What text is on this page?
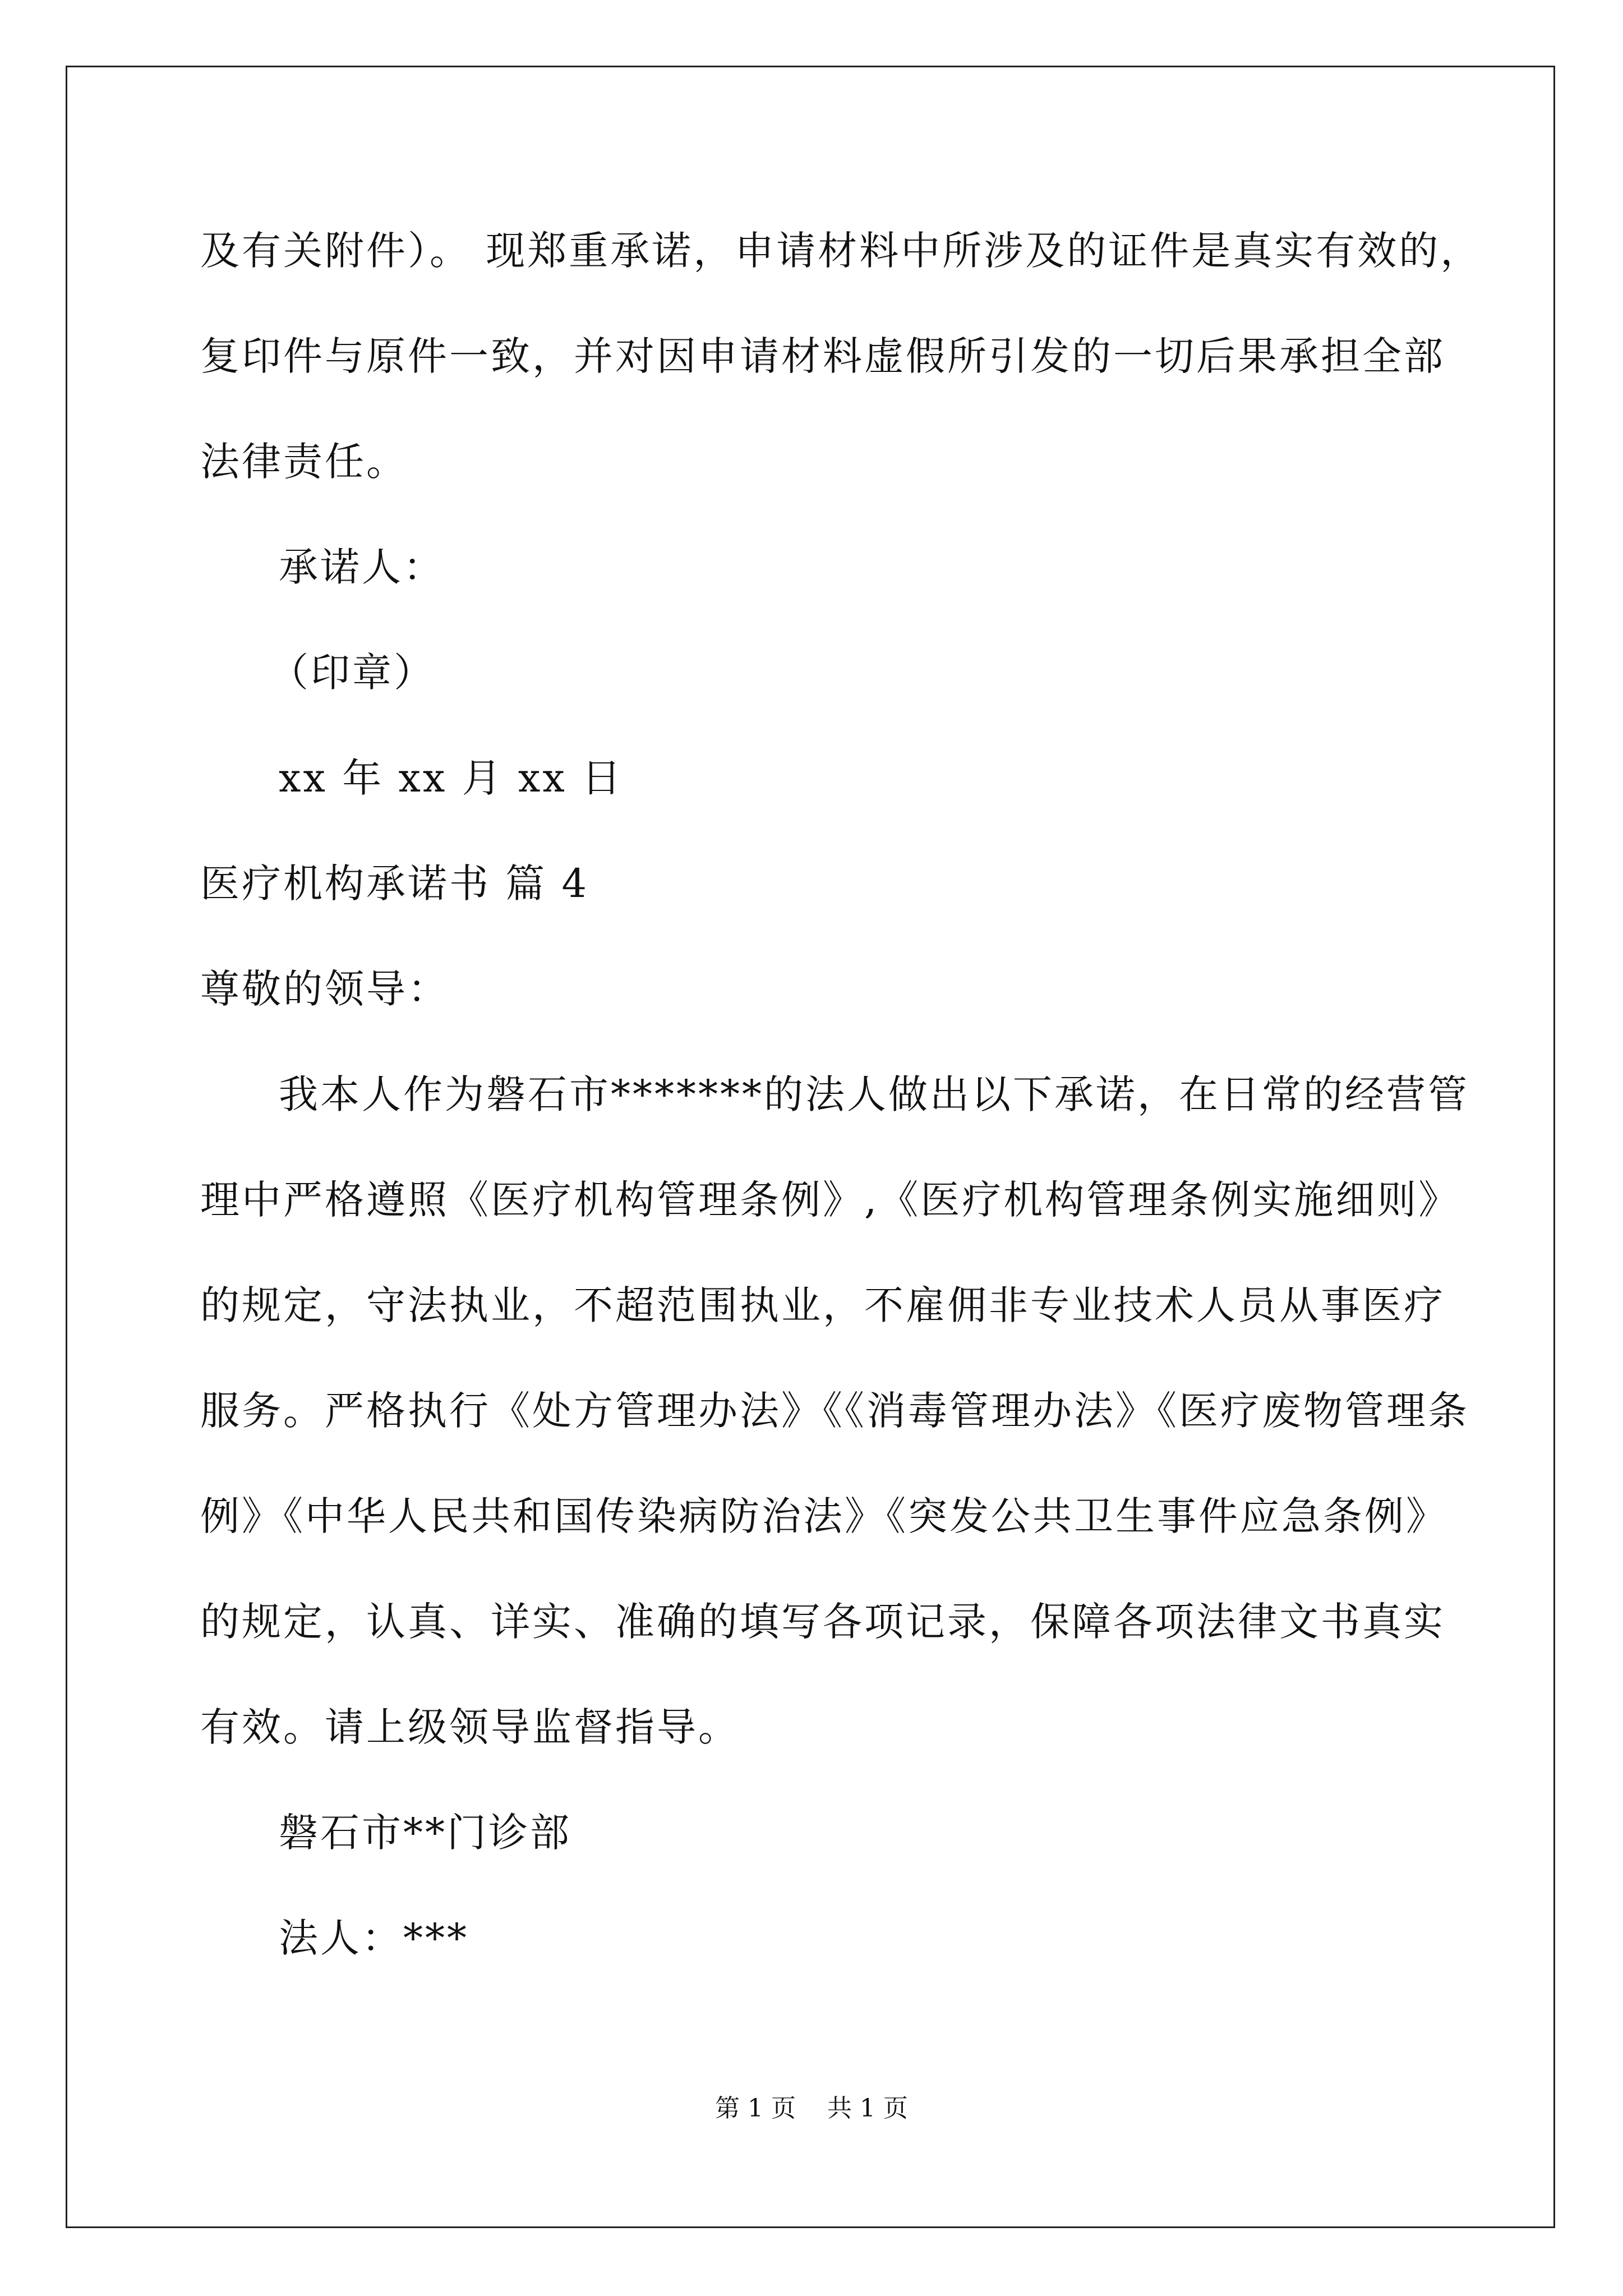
及有关附件）。 现郑重承诺，申请材料中所涉及的证件是真实有效的，
复印件与原件一致，并对因申请材料虚假所引发的一切后果承担全部
法律责任。
承诺人：
（印章）
xx 年 xx 月 xx 日
医疗机构承诺书 篇 4
尊敬的领导：
我本人作为磐石市*******的法人做出以下承诺，在日常的经营管
理中严格遵照《医疗机构管理条例》,《医疗机构管理条例实施细则》
的规定，守法执业，不超范围执业，不雇佣非专业技术人员从事医疗
服务。严格执行《处方管理办法》《《消毒管理办法》《医疗废物管理条
例》《中华人民共和国传染病防治法》《突发公共卫生事件应急条例》
的规定，认真、详实、准确的填写各项记录，保障各项法律文书真实
有效。请上级领导监督指导。
磐石市**门诊部
法人：***
第 1 页    共 1 页
